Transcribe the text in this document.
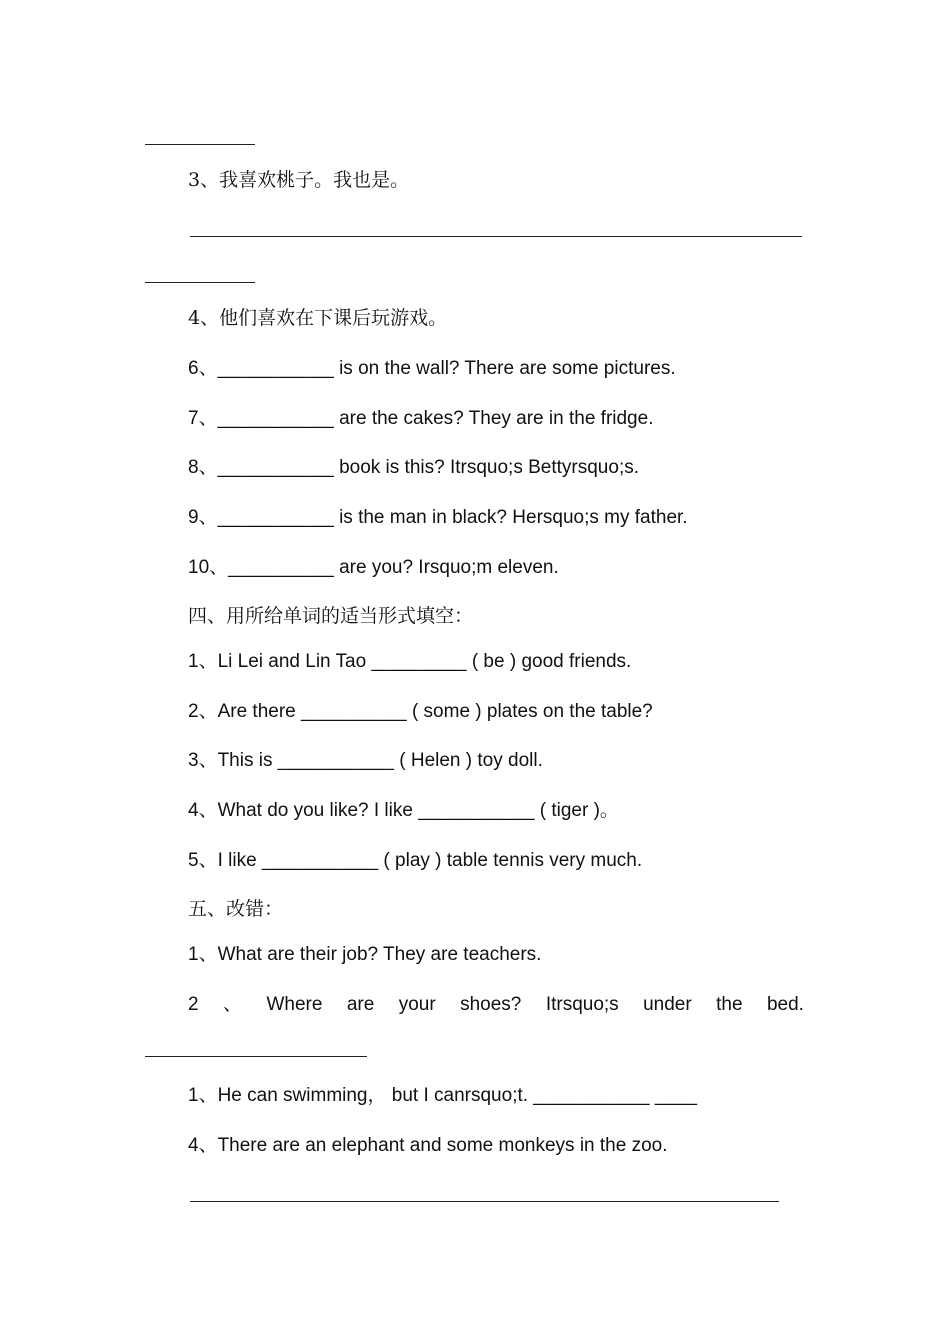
3、我喜欢桃子。我也是。
4、他们喜欢在下课后玩游戏。
6、___________ is on the wall? There are some pictures.
7、___________ are the cakes? They are in the fridge.
8、___________ book is this? Itrsquo;s Bettyrsquo;s.
9、___________ is the man in black? Hersquo;s my father.
10、__________ are you? Irsquo;m eleven.
四、用所给单词的适当形式填空：
1、Li Lei and Lin Tao _________ ( be ) good friends.
2、Are there __________ ( some ) plates on the table?
3、This is ___________ ( Helen ) toy doll.
4、What do you like? I like ___________ ( tiger )。
5、I like ___________ ( play ) table tennis very much.
五、改错：
1、What are their job? They are teachers.
2 、 Where are your shoes? Itrsquo;s under the bed.
1、He can swimming， but I canrsquo;t. ___________ ____
4、There are an elephant and some monkeys in the zoo.
